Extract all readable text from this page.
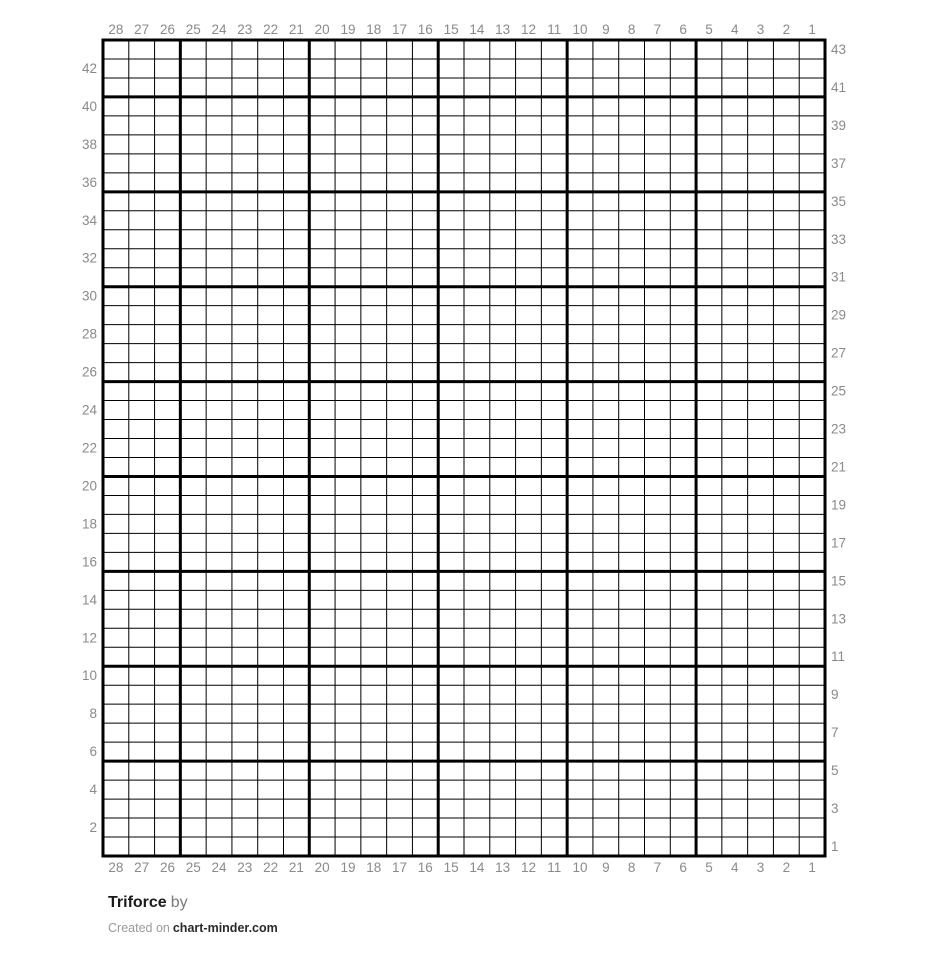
28 27 26 25 24 23 22 21 20 19 18 17 16 15 14 13 12 11 10 9 8 7 6 5 4 3 2 1
28 27 26 25 24 23 22 21 20 19 18 17 16 15 14 13 12 11 10 9 8 7 6 5 4 3 2 1
42
40
38
36
34
32
30
28
26
24
22
20
18
16
14
12
10
8
6
4
2
43
41
39
37
35
33
31
29
27
25
23
21
19
17
15
13
11
9
7
5
3
1
Triforce by
Created on chart-minder.com
